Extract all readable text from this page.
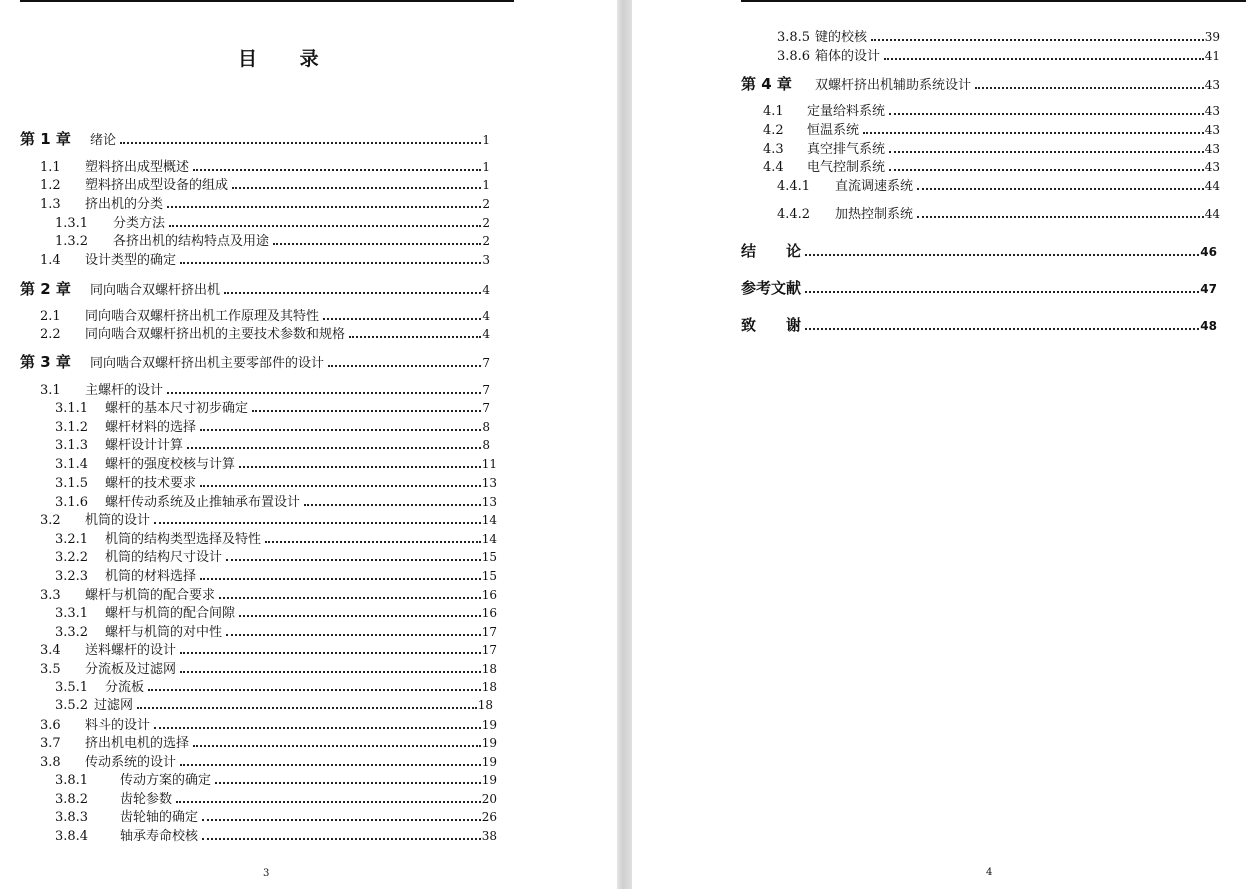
目 录
第 1 章	绪论	1
1.1	塑料挤出成型概述	1
1.2	塑料挤出成型设备的组成	1
1.3	挤出机的分类	2
1.3.1	分类方法	2
1.3.2	各挤出机的结构特点及用途	2
1.4	设计类型的确定	3
第 2 章	同向啮合双螺杆挤出机	4
2.1	同向啮合双螺杆挤出机工作原理及其特性	4
2.2	同向啮合双螺杆挤出机的主要技术参数和规格	4
第 3 章	同向啮合双螺杆挤出机主要零部件的设计	7
3.1	主螺杆的设计	7
3.1.1	螺杆的基本尺寸初步确定	7
3.1.2	螺杆材料的选择	8
3.1.3	螺杆设计计算	8
3.1.4	螺杆的强度校核与计算	11
3.1.5	螺杆的技术要求	13
3.1.6	螺杆传动系统及止推轴承布置设计	13
3.2	机筒的设计	14
3.2.1	机筒的结构类型选择及特性	14
3.2.2	机筒的结构尺寸设计	15
3.2.3	机筒的材料选择	15
3.3	螺杆与机筒的配合要求	16
3.3.1	螺杆与机筒的配合间隙	16
3.3.2	螺杆与机筒的对中性	17
3.4	送料螺杆的设计	17
3.5	分流板及过滤网	18
3.5.1	分流板	18
3.5.2 过滤网	18
3.6	料斗的设计	19
3.7	挤出机电机的选择	19
3.8	传动系统的设计	19
3.8.1	传动方案的确定	19
3.8.2	齿轮参数	20
3.8.3	齿轮轴的确定	26
3.8.4	轴承寿命校核	38
3
3.8.5 键的校核	39
3.8.6 箱体的设计	41
第 4 章	双螺杆挤出机辅助系统设计	43
4.1	定量给料系统	43
4.2	恒温系统	43
4.3	真空排气系统	43
4.4	电气控制系统	43
4.4.1	直流调速系统	44
4.4.2	加热控制系统	44
结　　论	46
参考文献	47
致　　谢	48
4
